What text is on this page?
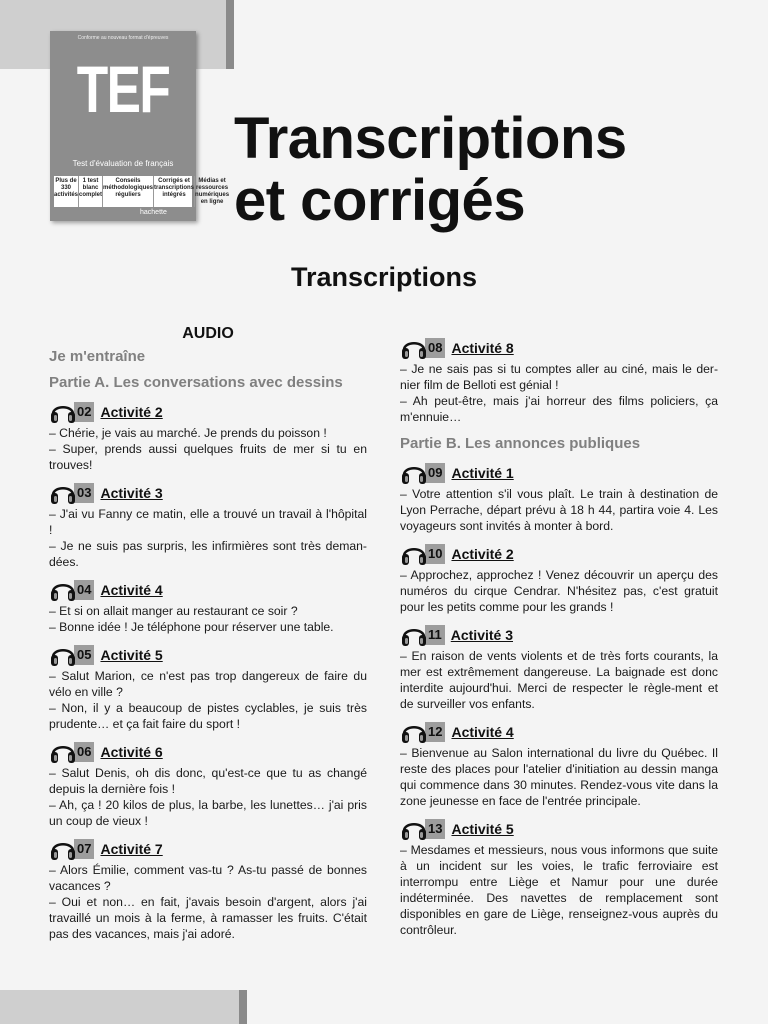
Conforme au nouveau format d'épreuves
TEF
Test d'évaluation de français
Plus de 330 activités
1 test blanc complet
Conseils méthodologiques réguliers
Corrigés et transcriptions intégrés
Médias et ressources numériques en ligne
hachette
Transcriptions
et corrigés
Transcriptions
AUDIO
Je m'entraîne
Partie A. Les conversations avec dessins
02 Activité 2
– Chérie, je vais au marché. Je prends du poisson !
– Super, prends aussi quelques fruits de mer si tu en trouves!
03 Activité 3
– J'ai vu Fanny ce matin, elle a trouvé un travail à l'hôpital !
– Je ne suis pas surpris, les infirmières sont très deman-dées.
04 Activité 4
– Et si on allait manger au restaurant ce soir ?
– Bonne idée ! Je téléphone pour réserver une table.
05 Activité 5
– Salut Marion, ce n'est pas trop dangereux de faire du vélo en ville ?
– Non, il y a beaucoup de pistes cyclables, je suis très prudente… et ça fait faire du sport !
06 Activité 6
– Salut Denis, oh dis donc, qu'est-ce que tu as changé depuis la dernière fois !
– Ah, ça ! 20 kilos de plus, la barbe, les lunettes… j'ai pris un coup de vieux !
07 Activité 7
– Alors Émilie, comment vas-tu ? As-tu passé de bonnes vacances ?
– Oui et non… en fait, j'avais besoin d'argent, alors j'ai travaillé un mois à la ferme, à ramasser les fruits. C'était pas des vacances, mais j'ai adoré.
08 Activité 8
– Je ne sais pas si tu comptes aller au ciné, mais le der-nier film de Belloti est génial !
– Ah peut-être, mais j'ai horreur des films policiers, ça m'ennuie…
Partie B. Les annonces publiques
09 Activité 1
– Votre attention s'il vous plaît. Le train à destination de Lyon Perrache, départ prévu à 18 h 44, partira voie 4. Les voyageurs sont invités à monter à bord.
10 Activité 2
– Approchez, approchez ! Venez découvrir un aperçu des numéros du cirque Cendrar. N'hésitez pas, c'est gratuit pour les petits comme pour les grands !
11 Activité 3
– En raison de vents violents et de très forts courants, la mer est extrêmement dangereuse. La baignade est donc interdite aujourd'hui. Merci de respecter le règle-ment et de surveiller vos enfants.
12 Activité 4
– Bienvenue au Salon international du livre du Québec. Il reste des places pour l'atelier d'initiation au dessin manga qui commence dans 30 minutes. Rendez-vous vite dans la zone jeunesse en face de l'entrée principale.
13 Activité 5
– Mesdames et messieurs, nous vous informons que suite à un incident sur les voies, le trafic ferroviaire est interrompu entre Liège et Namur pour une durée indéterminée. Des navettes de remplacement sont disponibles en gare de Liège, renseignez-vous auprès du contrôleur.
